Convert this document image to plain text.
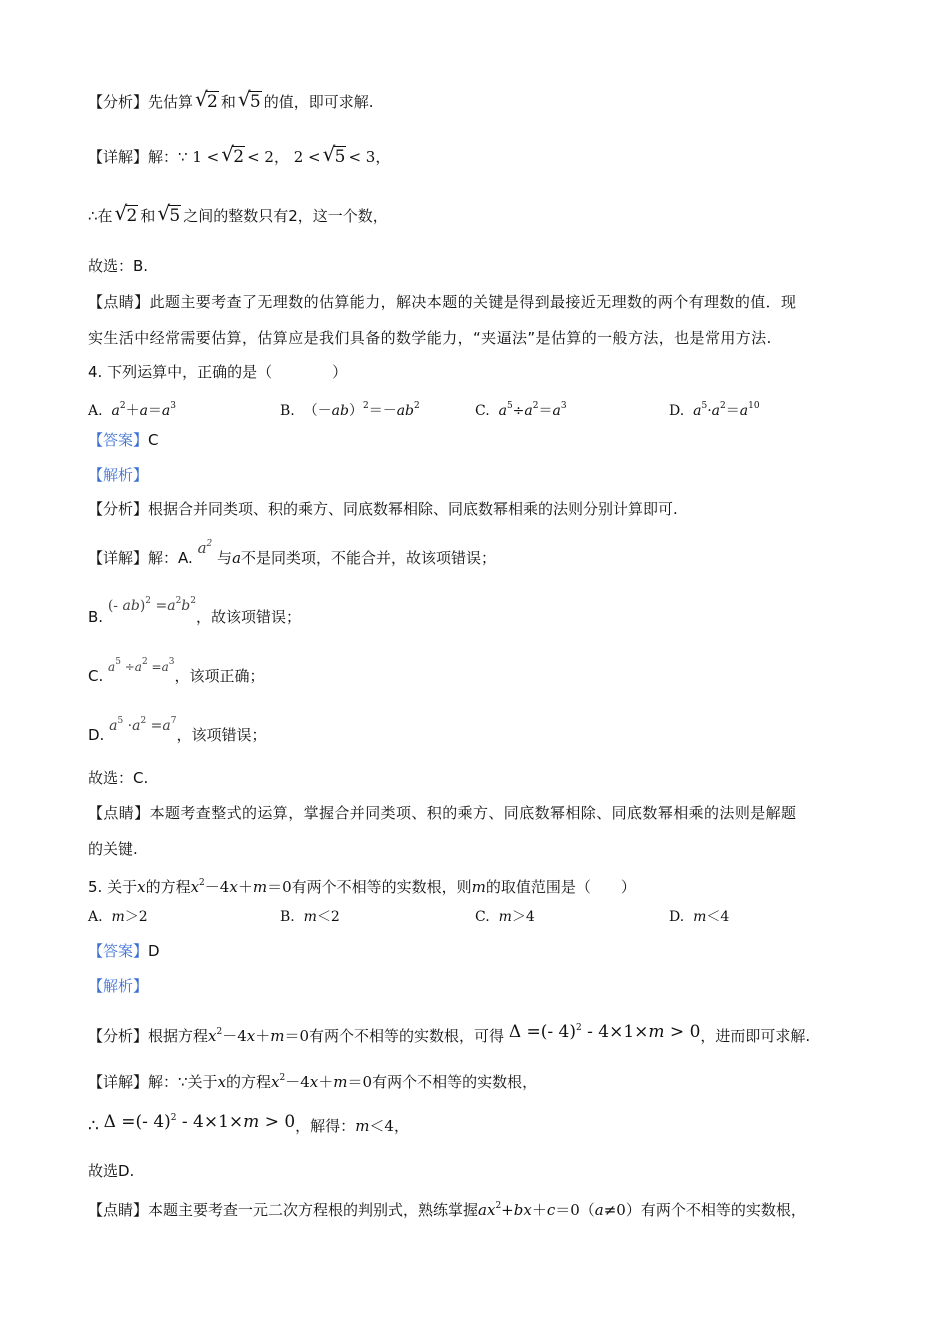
【分析】先估算 √ 2 和 √ 5 的值，即可求解.
【详解】解：∵ 1 < √ 2 < 2， 2 < √ 5 < 3，
∴在 √ 2 和 √ 5 之间的整数只有2，这一个数，
故选：B.
【点睛】此题主要考查了无理数的估算能力，解决本题的关键是得到最接近无理数的两个有理数的值．现
实生活中经常需要估算，估算应是我们具备的数学能力，“夹逼法”是估算的一般方法，也是常用方法.
4. 下列运算中，正确的是（　　　　）
A. $a^2+a=a^3$	B.  $(-ab)^2=-ab^2$	C. $a^5\div a^2=a^3$	D. $a^5\cdot a^2=a^{10}$
【答案】C
【解析】
【分析】根据合并同类项、积的乘方、同底数幂相除、同底数幂相乘的法则分别计算即可.
【详解】解：A. $a^2$ 与a不是同类项，不能合并，故该项错误；
B. (- $ab)^2 =a^2b^2$，故该项错误；
C. $^{a^5 \div a^2 =a^3}$，该项正确；
D. $a^5 \cdot a^2 =a^7$，该项错误；
故选：C.
【点睛】本题考查整式的运算，掌握合并同类项、积的乘方、同底数幂相除、同底数幂相乘的法则是解题
的关键.
5. 关于x的方程$x^2-4x+m=0$有两个不相等的实数根，则m的取值范围是（　　）
A. m＞2	B. m＜2	C. m＞4	D. m＜4
【答案】D
【解析】
【分析】根据方程$x^2-4x+m=0$有两个不相等的实数根，可得 Δ =(- 4)$^2$ - 4×1×m > 0，进而即可求解.
【详解】解：∵关于x的方程$x^2-4x+m=0$有两个不相等的实数根，
∴ Δ =(- 4)$^2$ - 4×1×m > 0，解得：m＜4，
故选D.
【点睛】本题主要考查一元二次方程根的判别式，熟练掌握$ax^2+bx+c=0(a\ne 0)$有两个不相等的实数根，
